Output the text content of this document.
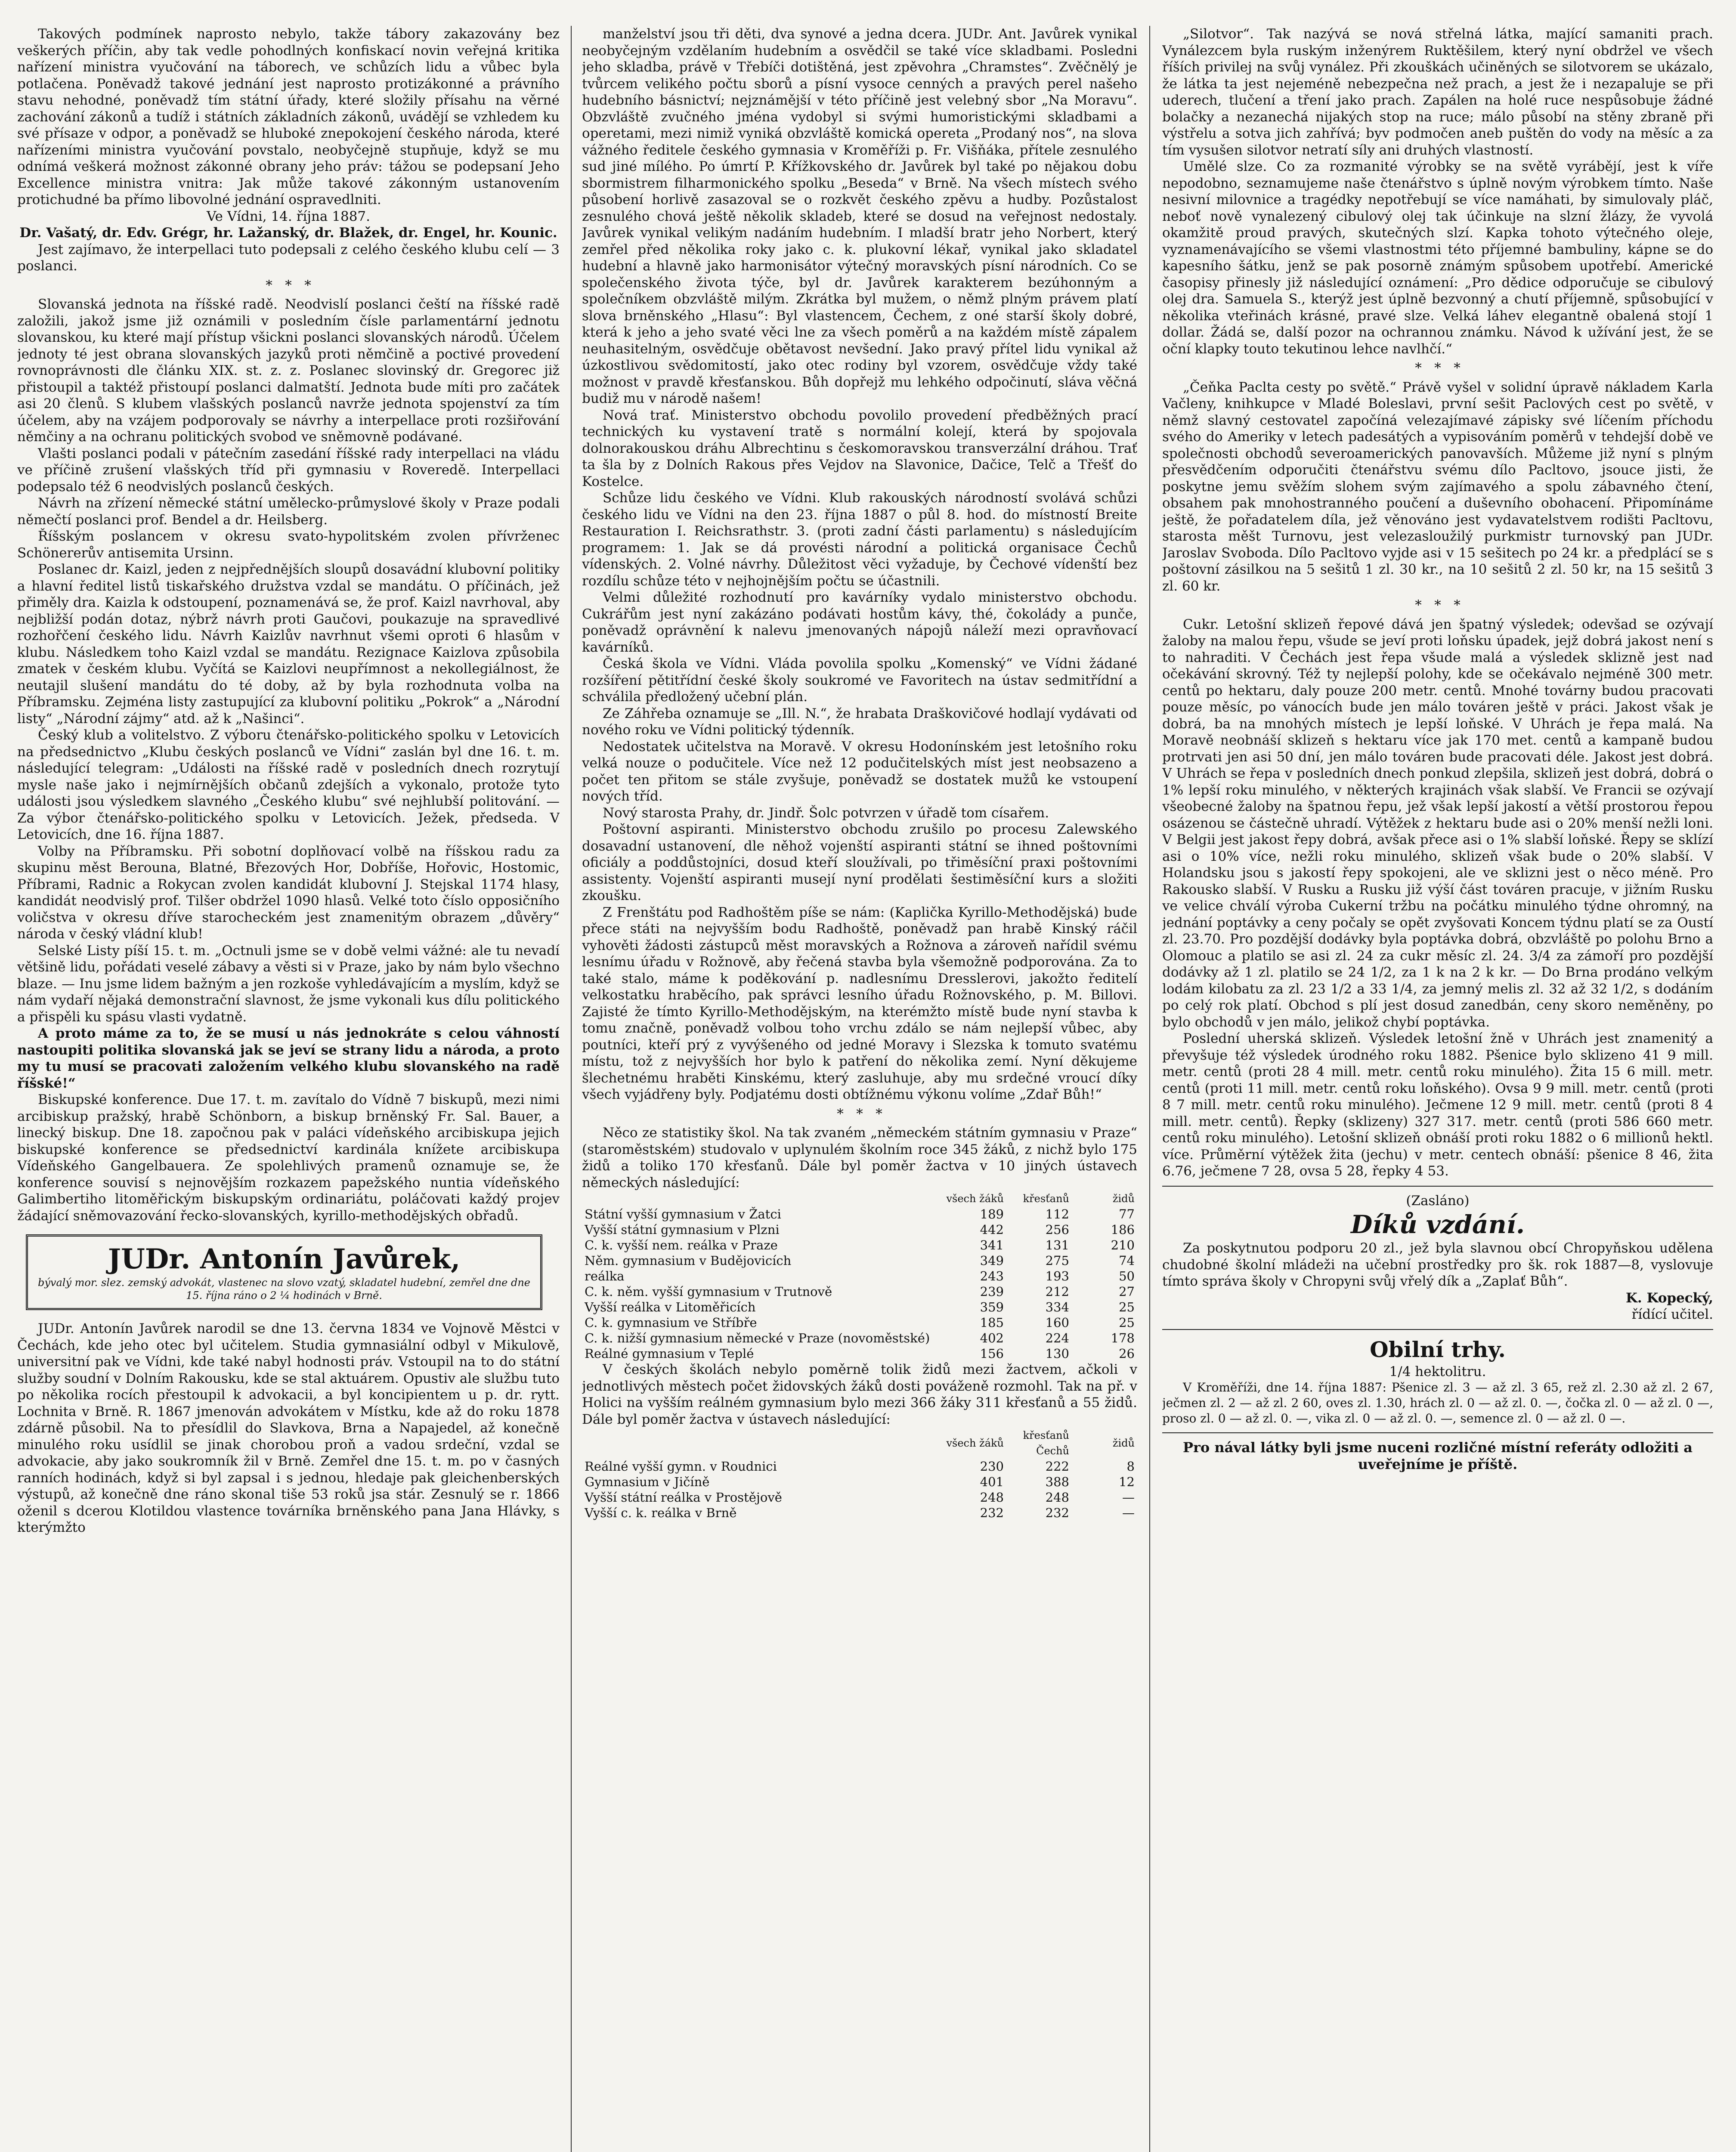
Takových podmínek naprosto nebylo, takže tábory zakazovány bez veškerých příčin, aby tak vedle pohodlných konfiskací novin veřejná kritika nařízení ministra vyučování na táborech, ve schůzích lidu a vůbec byla potlačena. Poněvadž takové jednání jest naprosto protizákonné a právního stavu nehodné, poněvadž tím státní úřady, které složily přísahu na věrné zachování zákonů a tudíž i státních základních zákonů, uvádějí se vzhledem ku své přísaze v odpor, a poněvadž se hluboké znepokojení českého národa, které nařízeními ministra vyučování povstalo, neobyčejně stupňuje, když se mu odnímá veškerá možnost zákonné obrany jeho práv: tážou se podepsaní Jeho Excellence ministra vnitra: Jak může takové zákonným ustanovením protichudné ba přímo libovolné jednání ospravedlniti.

Ve Vídni, 14. října 1887.

Dr. Vašatý, dr. Edv. Grégr, hr. Lažanský, dr. Blažek, dr. Engel, hr. Kounic.

Jest zajímavo, že interpellaci tuto podepsali z celého českého klubu celí — 3 poslanci.

*   *   *

Slovanská jednota na říšské radě. Neodvislí poslanci čeští na říšské radě založili, jakož jsme již oznámili v posledním čísle parlamentární jednotu slovanskou, ku které mají přístup všickni poslanci slovanských národů. Účelem jednoty té jest obrana slovanských jazyků proti němčině a poctivé provedení rovnoprávnosti dle článku XIX. st. z. z. Poslanec slovinský dr. Gregorec již přistoupil a taktéž přistoupí poslanci dalmatští. Jednota bude míti pro začátek asi 20 členů. S klubem vlašských poslanců navrže jednota spojenství za tím účelem, aby na vzájem podporovaly se návrhy a interpellace proti rozšiřování němčiny a na ochranu politických svobod ve sněmovně podávané.

Vlašti poslanci podali v pátečním zasedání říšské rady interpellaci na vládu ve příčině zrušení vlašských tříd při gymnasiu v Roveredě. Interpellaci podepsalo též 6 neodvislých poslanců českých.

Návrh na zřízení německé státní umělecko-průmyslové školy v Praze podali němečtí poslanci prof. Bendel a dr. Heilsberg.

Říšským poslancem v okresu svato-hypolitském zvolen přívrženec Schönererův antisemita Ursinn.

Poslanec dr. Kaizl, jeden z nejpřednějších sloupů dosavádní klubovní politiky a hlavní ředitel listů tiskařského družstva vzdal se mandátu. O příčinách, jež přiměly dra. Kaizla k odstoupení, poznamenává se, že prof. Kaizl navrhoval, aby nejbližší podán dotaz, nýbrž návrh proti Gaučovi, poukazuje na spravedlivé rozhořčení českého lidu. Návrh Kaizlův navrhnut všemi oproti 6 hlasům v klubu. Následkem toho Kaizl vzdal se mandátu. Rezignace Kaizlova způsobila zmatek v českém klubu. Vyčítá se Kaizlovi neupřímnost a nekollegiálnost, že neutajil slušení mandátu do té doby, až by byla rozhodnuta volba na Příbramsku. Zejména listy zastupující za klubovní politiku „Pokrok“ a „Národní listy“ „Národní zájmy“ atd. až k „Našinci“.

Český klub a volitelstvo. Z výboru čtenářsko-politického spolku v Letovicích na předsednictvo „Klubu českých poslanců ve Vídni“ zaslán byl dne 16. t. m. následující telegram: „Události na říšské radě v posledních dnech rozrytují mysle naše jako i nejmírnějších občanů zdejších a vykonalo, protože tyto události jsou výsledkem slavného „Českého klubu“ své nejhlubší politování. — Za výbor čtenářsko-politického spolku v Letovicích. Ježek, předseda. V Letovicích, dne 16. října 1887.

Volby na Příbramsku. Při sobotní doplňovací volbě na říšskou radu za skupinu měst Berouna, Blatné, Březových Hor, Dobříše, Hořovic, Hostomic, Příbrami, Radnic a Rokycan zvolen kandidát klubovní J. Stejskal 1174 hlasy, kandidát neodvislý prof. Tilšer obdržel 1090 hlasů. Velké toto číslo opposičního voličstva v okresu dříve starocheckém jest znamenitým obrazem „důvěry“ národa v český vládní klub!

Selské Listy píší 15. t. m. „Octnuli jsme se v době velmi vážné: ale tu nevadí většině lidu, pořádati veselé zábavy a věsti si v Praze, jako by nám bylo všechno blaze. — Inu jsme lidem bažným a jen rozkoše vyhledávajícím a myslím, když se nám vydaří nějaká demonstrační slavnost, že jsme vykonali kus dílu politického a přispěli ku spásu vlasti vydatně.

A proto máme za to, že se musí u nás jednokráte s celou váhností nastoupiti politika slovanská jak se jeví se strany lidu a národa, a proto my tu musí se pracovati založením velkého klubu slovanského na radě říšské!“

Biskupské konference. Due 17. t. m. zavítalo do Vídně 7 biskupů, mezi nimi arcibiskup pražský, hrabě Schönborn, a biskup brněnský Fr. Sal. Bauer, a linecký biskup. Dne 18. započnou pak v paláci vídeňského arcibiskupa jejich biskupské konference se předsednictví kardinála knížete arcibiskupa Vídeňského Gangelbauera. Ze spolehlivých pramenů oznamuje se, že konference souvisí s nejnovějším rozkazem papežského nuntia vídeňského Galimbertiho litoměřickým biskupským ordinariátu, poláčovati každý projev žádající sněmovazování řecko-slovanských, kyrillo-methodějských obřadů.

JUDr. Antonín Javůrek,
bývalý mor. slez. zemský advokát, vlastenec na slovo vzatý, skladatel hudební, zemřel dne dne 15. října ráno o 2 ¼ hodinách v Brně.

JUDr. Antonín Javůrek narodil se dne 13. června 1834 ve Vojnově Městci v Čechách, kde jeho otec byl učitelem. Studia gymnasiální odbyl v Mikulově, universitní pak ve Vídni, kde také nabyl hodnosti práv. Vstoupil na to do státní služby soudní v Dolním Rakousku, kde se stal aktuárem. Opustiv ale službu tuto po několika rocích přestoupil k advokacii, a byl koncipientem u p. dr. rytt. Lochnita v Brně. R. 1867 jmenován advokátem v Místku, kde až do roku 1878 zdárně působil. Na to přesídlil do Slavkova, Brna a Napajedel, až konečně minulého roku usídlil se jinak chorobou proň a vadou srdeční, vzdal se advokacie, aby jako soukromník žil v Brně. Zemřel dne 15. t. m. po v časných ranních hodinách, když si byl zapsal i s jednou, hledaje pak gleichenberských výstupů, až konečně dne ráno skonal tiše 53 roků jsa stár. Zesnulý se r. 1866 oženil s dcerou Klotildou vlastence továrníka brněnského pana Jana Hlávky, s kterýmžto

manželství jsou tři děti, dva synové a jedna dcera. JUDr. Ant. Javůrek vynikal neobyčejným vzdělaním hudebním a osvědčil se také více skladbami. Posledni jeho skladba, právě v Třebíči dotištěná, jest zpěvohra „Chramstes“. Zvěčnělý je tvůrcem velikého počtu sborů a písní vysoce cenných a pravých perel našeho hudebního básnictví; nejznámější v této příčině jest velebný sbor „Na Moravu“. Obzvláště zvučného jména vydobyl si svými humoristickými skladbami a operetami, mezi nimiž vyniká obzvláště komická opereta „Prodaný nos“, na slova vážného ředitele českého gymnasia v Kroměříži p. Fr. Višňáka, přítele zesnulého sud jiné mílého. Po úmrtí P. Křížkovského dr. Javůrek byl také po nějakou dobu sbormistrem filharmonického spolku „Beseda“ v Brně. Na všech místech svého působení horlivě zasazoval se o rozkvět českého zpěvu a hudby. Pozůstalost zesnulého chová ještě několik skladeb, které se dosud na veřejnost nedostaly. Javůrek vynikal velikým nadáním hudebním. I mladší bratr jeho Norbert, který zemřel před několika roky jako c. k. plukovní lékař, vynikal jako skladatel hudební a hlavně jako harmonisátor výtečný moravských písní národních. Co se společenského života týče, byl dr. Javůrek karakterem bezúhonným a společníkem obzvláště milým. Zkrátka byl mužem, o němž plným právem platí slova brněnského „Hlasu“: Byl vlastencem, Čechem, z oné starší školy dobré, která k jeho a jeho svaté věci lne za všech poměrů a na každém místě zápalem neuhasitelným, osvědčuje obětavost nevšední. Jako pravý přítel lidu vynikal až úzkostlivou svědomitostí, jako otec rodiny byl vzorem, osvědčuje vždy také možnost v pravdě křesťanskou. Bůh dopřejž mu lehkého odpočinutí, sláva věčná budiž mu v národě našem!

Nová trať. Ministerstvo obchodu povolilo provedení předběžných prací technických ku vystavení tratě s normální kolejí, která by spojovala dolnorakouskou dráhu Albrechtinu s českomoravskou transverzální dráhou. Trať ta šla by z Dolních Rakous přes Vejdov na Slavonice, Dačice, Telč a Třešť do Kostelce.

Schůze lidu českého ve Vídni. Klub rakouských národností svolává schůzi českého lidu ve Vídni na den 23. října 1887 o půl 8. hod. do místností Breite Restauration I. Reichsrathstr. 3. (proti zadní části parlamentu) s následujícím programem: 1. Jak se dá provésti národní a politická organisace Čechů vídenských. 2. Volné návrhy. Důležitost věci vyžaduje, by Čechové vídenští bez rozdílu schůze této v nejhojnějším počtu se účastnili.

Velmi důležité rozhodnutí pro kavárníky vydalo ministerstvo obchodu. Cukrářům jest nyní zakázáno podávati hostům kávy, thé, čokolády a punče, poněvadž oprávnění k nalevu jmenovaných nápojů náleží mezi opravňovací kavárníků.

Česká škola ve Vídni. Vláda povolila spolku „Komenský“ ve Vídni žádané rozšíření pětitřídní české školy soukromé ve Favoritech na ústav sedmitřídní a schválila předložený učební plán.

Ze Záhřeba oznamuje se „Ill. N.“, že hrabata Draškovičové hodlají vydávati od nového roku ve Vídni politický týdenník.

Nedostatek učitelstva na Moravě. V okresu Hodonínském jest letošního roku velká nouze o podučitele. Více než 12 podučitelských míst jest neobsazeno a počet ten přitom se stále zvyšuje, poněvadž se dostatek mužů ke vstoupení nových tříd.

Nový starosta Prahy, dr. Jindř. Šolc potvrzen v úřadě tom císařem.

Poštovní aspiranti. Ministerstvo obchodu zrušilo po procesu Zalewského dosavadní ustanovení, dle něhož vojenští aspiranti státní se ihned poštovními oficiály a poddůstojníci, dosud kteří sloužívali, po třiměsíční praxi poštovními assistenty. Vojenští aspiranti musejí nyní prodělati šestiměsíční kurs a složiti zkoušku.

Z Frenštátu pod Radhoštěm píše se nám: (Kaplička Kyrillo-Methodějská) bude přece státi na nejvyšším bodu Radhoště, poněvadž pan hrabě Kinský ráčil vyhověti žádosti zástupců měst moravských a Rožnova a zároveň nařídil svému lesnímu úřadu v Rožnově, aby řečená stavba byla všemožně podporována. Za to také stalo, máme k poděkování p. nadlesnímu Dresslerovi, jakožto ředitelí velkostatku hraběcího, pak správci lesního úřadu Rožnovského, p. M. Billovi. Zajisté že tímto Kyrillo-Methodějským, na kterémžto místě bude nyní stavba k tomu značně, poněvadž volbou toho vrchu zdálo se nám nejlepší vůbec, aby poutníci, kteří prý z vyvýšeného od jedné Moravy i Slezska k tomuto svatému místu, tož z nejvyšších hor bylo k patření do několika zemí. Nyní děkujeme šlechetnému hraběti Kinskému, který zasluhuje, aby mu srdečné vroucí díky všech vyjádřeny byly. Podjatému dosti obtížnému výkonu volíme „Zdař Bůh!“

*   *   *

Něco ze statistiky škol. Na tak zvaném „německém státním gymnasiu v Praze“ (staroměstském) studovalo v uplynulém školním roce 345 žáků, z nichž bylo 175 židů a toliko 170 křesťanů. Dále byl poměr žactva v 10 jiných ústavech německých následující:

	všech žáků	křesťanů	židů
Státní vyšší gymnasium v Žatci	189	112	77
Vyšší státní gymnasium v Plzni	442	256	186
C. k. vyšší nem. reálka v Praze	341	131	210
Něm. gymnasium v Budějovicích	349	275	74
reálka	243	193	50
C. k. něm. vyšší gymnasium v Trutnově	239	212	27
Vyšší reálka v Litoměřicích	359	334	25
C. k. gymnasium ve Stříbře	185	160	25
C. k. nižší gymnasium německé v Praze (novoměstské)	402	224	178
Reálné gymnasium v Teplé	156	130	26

V českých školách nebylo poměrně tolik židů mezi žactvem, ačkoli v jednotlivých městech počet židovských žáků dosti pováženě rozmohl. Tak na př. v Holici na vyšším reálném gymnasium bylo mezi 366 žáky 311 křesťanů a 55 židů. Dále byl poměr žactva v ústavech následující:

	všech žáků	křesťanů Čechů	židů
Reálné vyšší gymn. v Roudnici	230	222	8
Gymnasium v Jičíně	401	388	12
Vyšší státní reálka v Prostějově	248	248	—
Vyšší c. k. reálka v Brně	232	232	—

„Silotvor“. Tak nazývá se nová střelná látka, mající samaniti prach. Vynálezcem byla ruským inženýrem Ruktěšilem, který nyní obdržel ve všech říších privilej na svůj vynález. Při zkouškách učiněných se silotvorem se ukázalo, že látka ta jest nejeméně nebezpečna než prach, a jest že i nezapaluje se při uderech, tlučení a tření jako prach. Zapálen na holé ruce nespůsobuje žádné bolačky a nezanechá nijakých stop na ruce; málo působí na stěny zbraně při výstřelu a sotva jich zahřívá; byv podmočen aneb puštěn do vody na měsíc a za tím vysušen silotvor netratí síly ani druhých vlastností.

Umělé slze. Co za rozmanité výrobky se na světě vyrábějí, jest k víře nepodobno, seznamujeme naše čtenářstvo s úplně novým výrobkem tímto. Naše nesivní milovnice a tragédky nepotřebují se více namáhati, by simulovaly pláč, neboť nově vynalezený cibulový olej tak účinkuje na slzní žlázy, že vyvolá okamžitě proud pravých, skutečných slzí. Kapka tohoto výtečného oleje, vyznamenávajícího se všemi vlastnostmi této příjemné bambuliny, kápne se do kapesního šátku, jenž se pak posorně známým spůsobem upotřebí. Americké časopisy přinesly již následující oznámení: „Pro dědice odporučuje se cibulový olej dra. Samuela S., kterýž jest úplně bezvonný a chutí příjemně, spůsobující v několika vteřinách krásné, pravé slze. Velká láhev elegantně obalená stojí 1 dollar. Žádá se, další pozor na ochrannou známku. Návod k užívání jest, že se oční klapky touto tekutinou lehce navlhčí.“

*   *   *

„Čeňka Paclta cesty po světě.“ Právě vyšel v solidní úpravě nákladem Karla Vačleny, knihkupce v Mladé Boleslavi, první sešit Paclových cest po světě, v němž slavný cestovatel započíná velezajímavé zápisky své líčením příchodu svého do Ameriky v letech padesátých a vypisováním poměrů v tehdejší době ve společnosti obchodů severoamerických panovavších. Můžeme již nyní s plným přesvědčením odporučiti čtenářstvu svému dílo Pacltovo, jsouce jisti, že poskytne jemu svěžím slohem svým zajímavého a spolu zábavného čtení, obsahem pak mnohostranného poučení a duševního obohacení. Připomínáme ještě, že pořadatelem díla, jež věnováno jest vydavatelstvem rodišti Pacltovu, starosta měšt Turnovu, jest velezasloužilý purkmistr turnovský pan JUDr. Jaroslav Svoboda. Dílo Pacltovo vyjde asi v 15 sešitech po 24 kr. a předplácí se s poštovní zásilkou na 5 sešitů 1 zl. 30 kr., na 10 sešitů 2 zl. 50 kr, na 15 sešitů 3 zl. 60 kr.

*   *   *

Cukr. Letošní sklizeň řepové dává jen špatný výsledek; odevšad se ozývají žaloby na malou řepu, všude se jeví proti loňsku úpadek, jejž dobrá jakost není s to nahraditi. V Čechách jest řepa všude malá a výsledek sklizně jest nad očekávání skrovný. Též ty nejlepší polohy, kde se očekávalo nejméně 300 metr. centů po hektaru, daly pouze 200 metr. centů. Mnohé továrny budou pracovati pouze měsíc, po vánocích bude jen málo továren ještě v práci. Jakost však je dobrá, ba na mnohých místech je lepší loňské. V Uhrách je řepa malá. Na Moravě neobnáší sklizeň s hektaru více jak 170 met. centů a kampaně budou protrvati jen asi 50 dní, jen málo továren bude pracovati déle. Jakost jest dobrá. V Uhrách se řepa v posledních dnech ponkud zlepšila, sklizeň jest dobrá, dobrá o 1% lepší roku minulého, v některých krajinách však slabší. Ve Francii se ozývají všeobecné žaloby na špatnou řepu, jež však lepší jakostí a větší prostorou řepou osázenou se částečně uhradí. Výtěžek z hektaru bude asi o 20% menší nežli loni. V Belgii jest jakost řepy dobrá, avšak přece asi o 1% slabší loňské. Řepy se sklízí asi o 10% více, nežli roku minulého, sklizeň však bude o 20% slabší. V Holandsku jsou s jakostí řepy spokojeni, ale ve sklizni jest o něco méně. Pro Rakousko slabší. V Rusku a Rusku již výší část továren pracuje, v jižním Rusku ve velice chválí výroba Cukerní tržbu na počátku minulého týdne ohromný, na jednání poptávky a ceny počaly se opět zvyšovati Koncem týdnu platí se za Oustí zl. 23.70. Pro pozdější dodávky byla poptávka dobrá, obzvláště po polohu Brno a Olomouc a platilo se asi zl. 24 za cukr měsíc zl. 24. 3/4 za zámoří pro pozdější dodávky až 1 zl. platilo se 24 1/2, za 1 k na 2 k kr. — Do Brna prodáno velkým lodám kilobatu za zl. 23 1/2 a 33 1/4, za jemný melis zl. 32 až 32 1/2, s dodáním po celý rok platí. Obchod s plí jest dosud zanedbán, ceny skoro neměněny, po bylo obchodů v jen málo, jelikož chybí poptávka.

Poslední uherská sklizeň. Výsledek letošní žně v Uhrách jest znamenitý a převyšuje též výsledek úrodného roku 1882. Pšenice bylo sklizeno 41 9 mill. metr. centů (proti 28 4 mill. metr. centů roku minulého). Žita 15 6 mill. metr. centů (proti 11 mill. metr. centů roku loňského). Ovsa 9 9 mill. metr. centů (proti 8 7 mill. metr. centů roku minulého). Ječmene 12 9 mill. metr. centů (proti 8 4 mill. metr. centů). Řepky (sklizeny) 327 317. metr. centů (proti 586 660 metr. centů roku minulého). Letošní sklizeň obnáší proti roku 1882 o 6 millionů hektl. více. Průměrní výtěžek žita (jechu) v metr. centech obnáší: pšenice 8 46, žita 6.76, ječmene 7 28, ovsa 5 28, řepky 4 53.

(Zasláno)

Díků vzdání.

Za poskytnutou podporu 20 zl., jež byla slavnou obcí Chropyňskou udělena chudobné školní mládeži na učební prostředky pro šk. rok 1887—8, vyslovuje tímto správa školy v Chropyni svůj vřelý dík a „Zaplať Bůh“.

K. Kopecký,

řídící učitel.

Obilní trhy.

1/4 hektolitru.

V Kroměříži, dne 14. října 1887: Pšenice zl. 3 — až zl. 3 65, rež zl. 2.30 až zl. 2 67, ječmen zl. 2 — až zl. 2 60, oves zl. 1.30, hrách zl. 0 — až zl. 0. —, čočka zl. 0 — až zl. 0 —, proso zl. 0 — až zl. 0. —, vika zl. 0 — až zl. 0. —, semence zl. 0 — až zl. 0 —.

Pro nával látky byli jsme nuceni rozličné místní referáty odložiti a uveřejníme je příště.
